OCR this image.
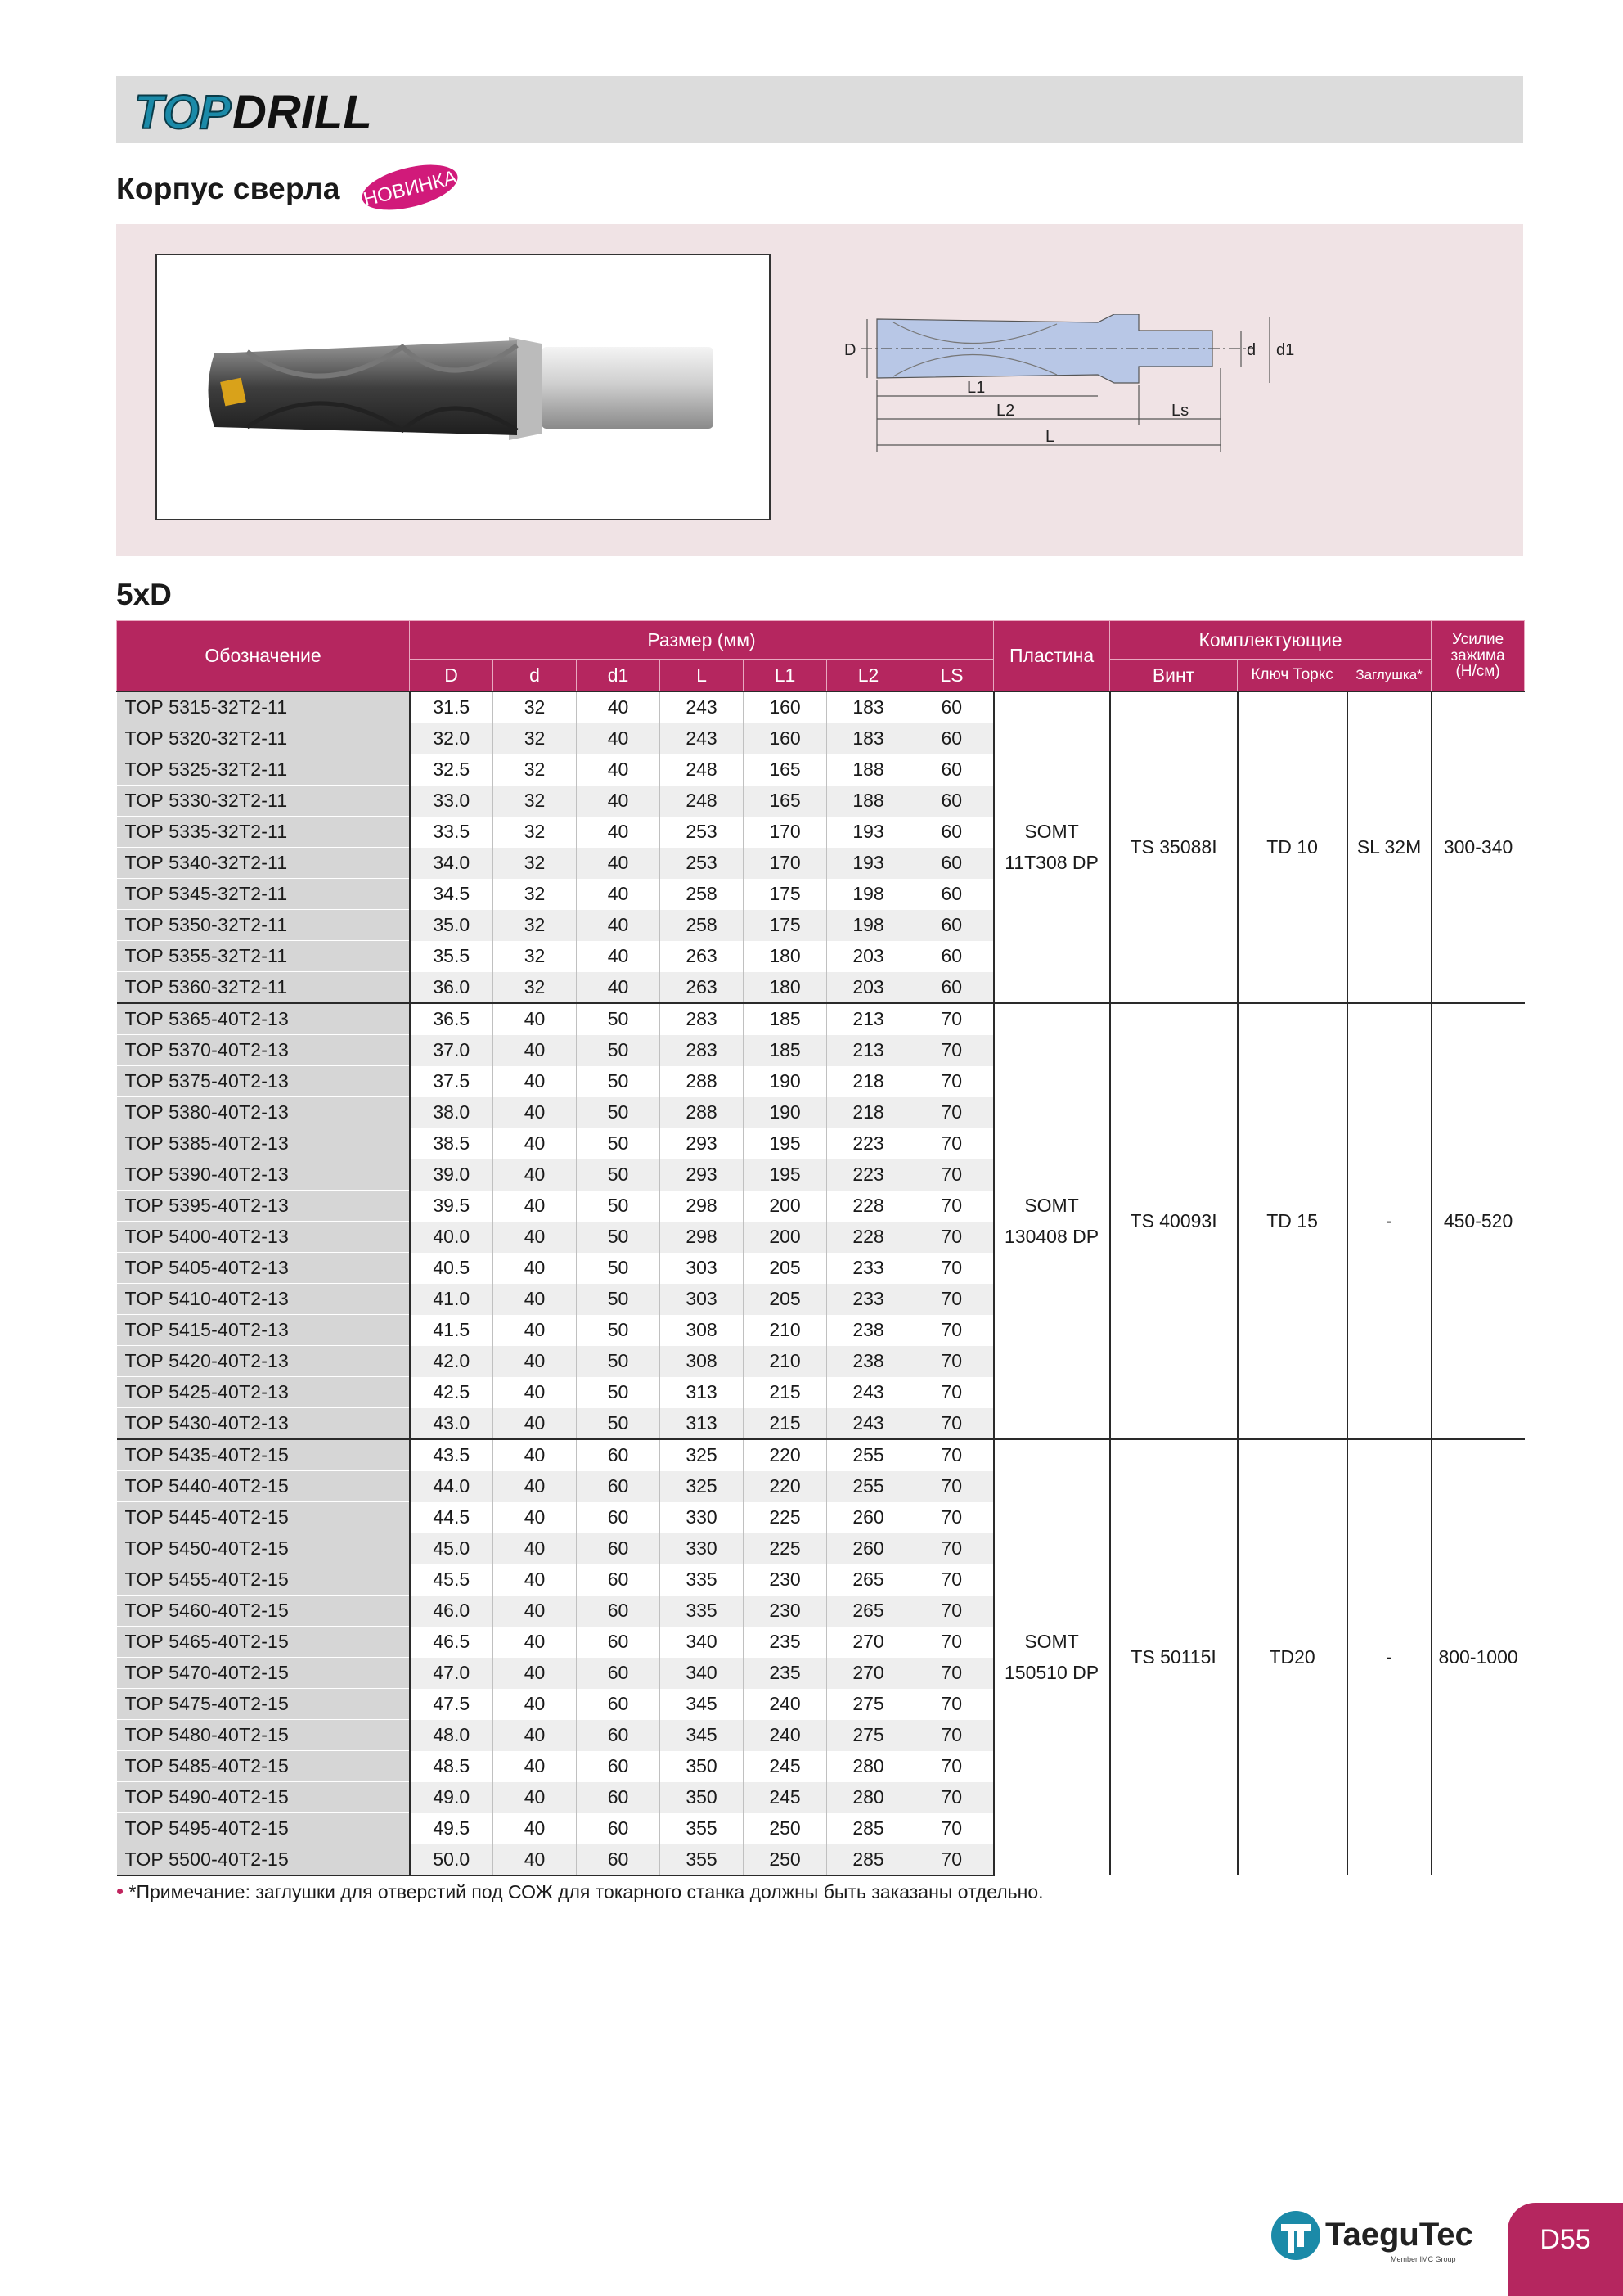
TOP DRILL
Корпус сверла НОВИНКА
D	d d1
L1
L2	Ls
L
5xD
Обозначение	Размер (мм)							Пластина	Комплектующие			Усилие
зажима
(Н/см)

	D	d	d1	L	L1	L2	LS		Винт	Ключ Торкс	Заглушка*	
TOP 5315-32T2-11	31.5	32	40	243	160	183	60	SOMT
11T308 DP	TS 35088I	TD 10	SL 32M	300-340
TOP 5320-32T2-11	32.0	32	40	243	160	183	60					
TOP 5325-32T2-11	32.5	32	40	248	165	188	60					
TOP 5330-32T2-11	33.0	32	40	248	165	188	60					
TOP 5335-32T2-11	33.5	32	40	253	170	193	60					
TOP 5340-32T2-11	34.0	32	40	253	170	193	60					
TOP 5345-32T2-11	34.5	32	40	258	175	198	60					
TOP 5350-32T2-11	35.0	32	40	258	175	198	60					
TOP 5355-32T2-11	35.5	32	40	263	180	203	60					
TOP 5360-32T2-11	36.0	32	40	263	180	203	60					
TOP 5365-40T2-13	36.5	40	50	283	185	213	70	SOMT
130408 DP	TS 40093I	TD 15	-	450-520
TOP 5370-40T2-13	37.0	40	50	283	185	213	70					
TOP 5375-40T2-13	37.5	40	50	288	190	218	70					
TOP 5380-40T2-13	38.0	40	50	288	190	218	70					
TOP 5385-40T2-13	38.5	40	50	293	195	223	70					
TOP 5390-40T2-13	39.0	40	50	293	195	223	70					
TOP 5395-40T2-13	39.5	40	50	298	200	228	70					
TOP 5400-40T2-13	40.0	40	50	298	200	228	70					
TOP 5405-40T2-13	40.5	40	50	303	205	233	70					
TOP 5410-40T2-13	41.0	40	50	303	205	233	70					
TOP 5415-40T2-13	41.5	40	50	308	210	238	70					
TOP 5420-40T2-13	42.0	40	50	308	210	238	70					
TOP 5425-40T2-13	42.5	40	50	313	215	243	70					
TOP 5430-40T2-13	43.0	40	50	313	215	243	70					
TOP 5435-40T2-15	43.5	40	60	325	220	255	70	SOMT
150510 DP	TS 50115I	TD20	-	800-1000
TOP 5440-40T2-15	44.0	40	60	325	220	255	70					
TOP 5445-40T2-15	44.5	40	60	330	225	260	70					
TOP 5450-40T2-15	45.0	40	60	330	225	260	70					
TOP 5455-40T2-15	45.5	40	60	335	230	265	70					
TOP 5460-40T2-15	46.0	40	60	335	230	265	70					
TOP 5465-40T2-15	46.5	40	60	340	235	270	70					
TOP 5470-40T2-15	47.0	40	60	340	235	270	70					
TOP 5475-40T2-15	47.5	40	60	345	240	275	70					
TOP 5480-40T2-15	48.0	40	60	345	240	275	70					
TOP 5485-40T2-15	48.5	40	60	350	245	280	70					
TOP 5490-40T2-15	49.0	40	60	350	245	280	70					
TOP 5495-40T2-15	49.5	40	60	355	250	285	70					
TOP 5500-40T2-15	50.0	40	60	355	250	285	70					
• *Примечание: заглушки для отверстий под СОЖ для токарного станка должны быть заказаны отдельно.
TaeguTec
Member IMC Group
D55
